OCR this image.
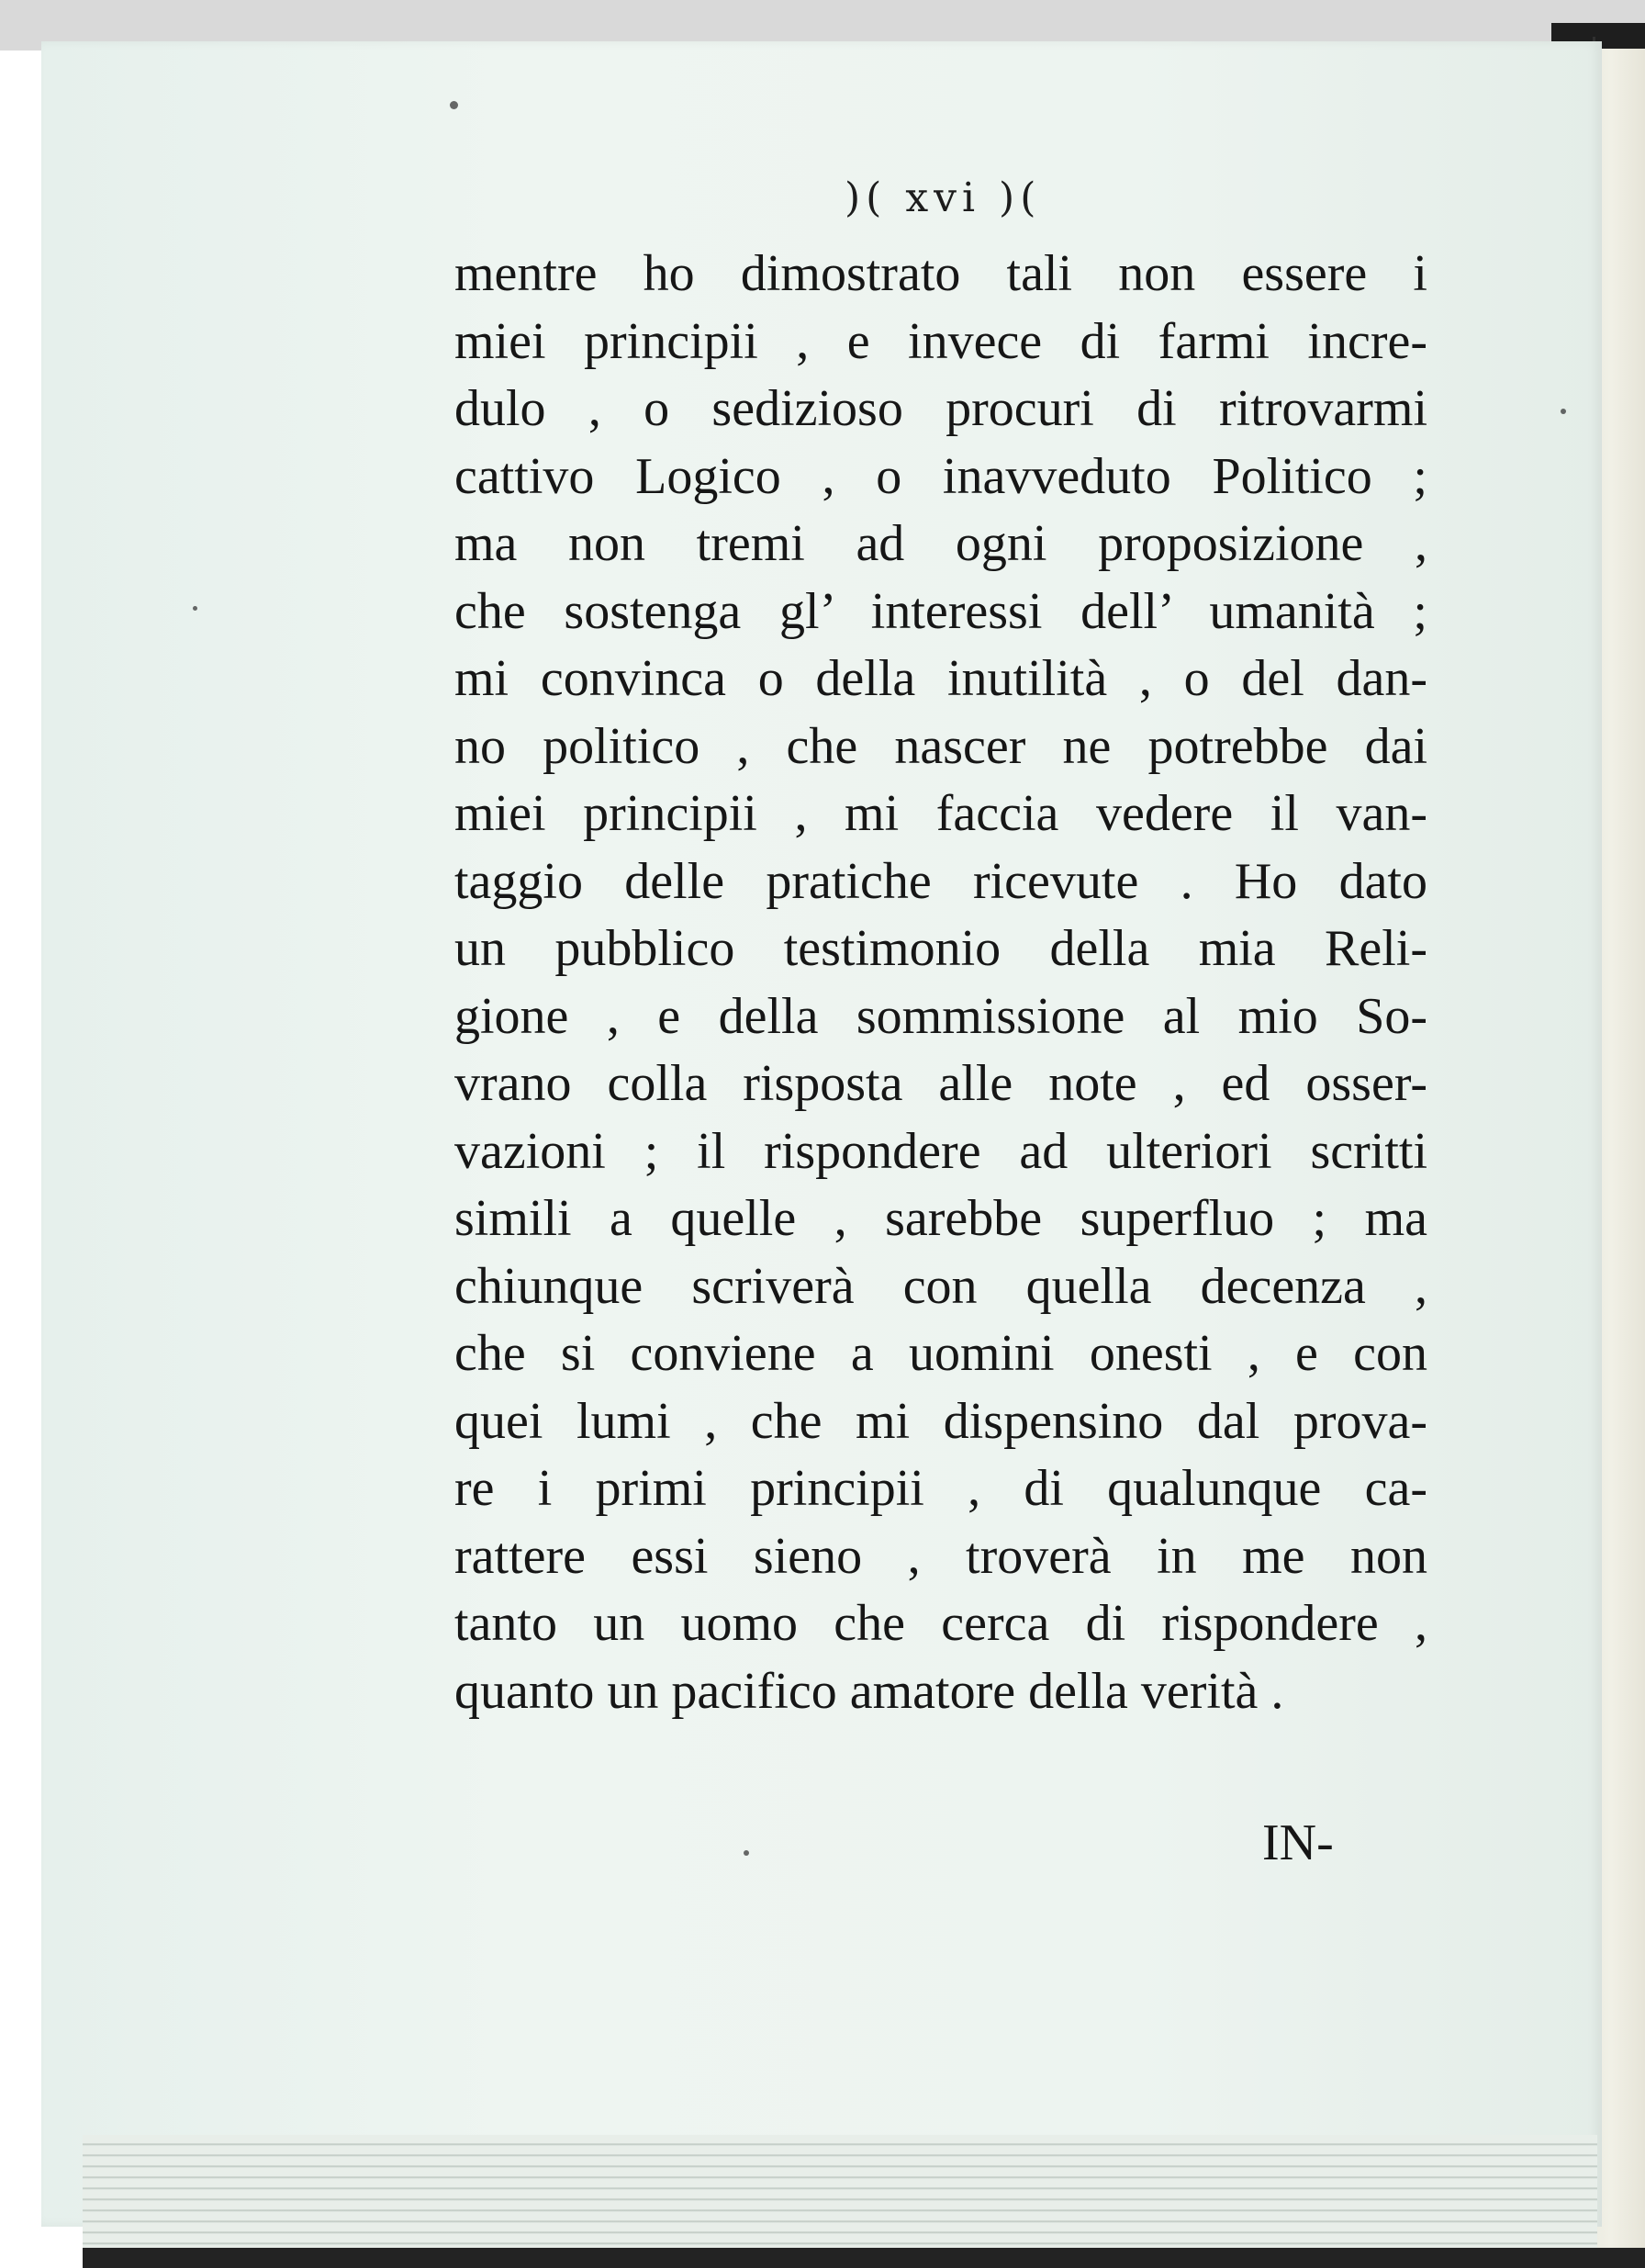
)( xvi )(
mentre ho dimostrato tali non essere i
miei principii , e invece di farmi incre-
dulo , o sedizioso procuri di ritrovarmi
cattivo Logico , o inavveduto Politico ;
ma non tremi ad ogni proposizione ,
che sostenga gl’ interessi dell’ umanità ;
mi convinca o della inutilità , o del dan-
no politico , che nascer ne potrebbe dai
miei principii , mi faccia vedere il van-
taggio delle pratiche ricevute . Ho dato
un pubblico testimonio della mia Reli-
gione , e della sommissione al mio So-
vrano colla risposta alle note , ed osser-
vazioni ; il rispondere ad ulteriori scritti
simili a quelle , sarebbe superfluo ; ma
chiunque scriverà con quella decenza ,
che si conviene a uomini onesti , e con
quei lumi , che mi dispensino dal prova-
re i primi principii , di qualunque ca-
rattere essi sieno , troverà in me non
tanto un uomo che cerca di rispondere ,
quanto un pacifico amatore della verità .
IN-
